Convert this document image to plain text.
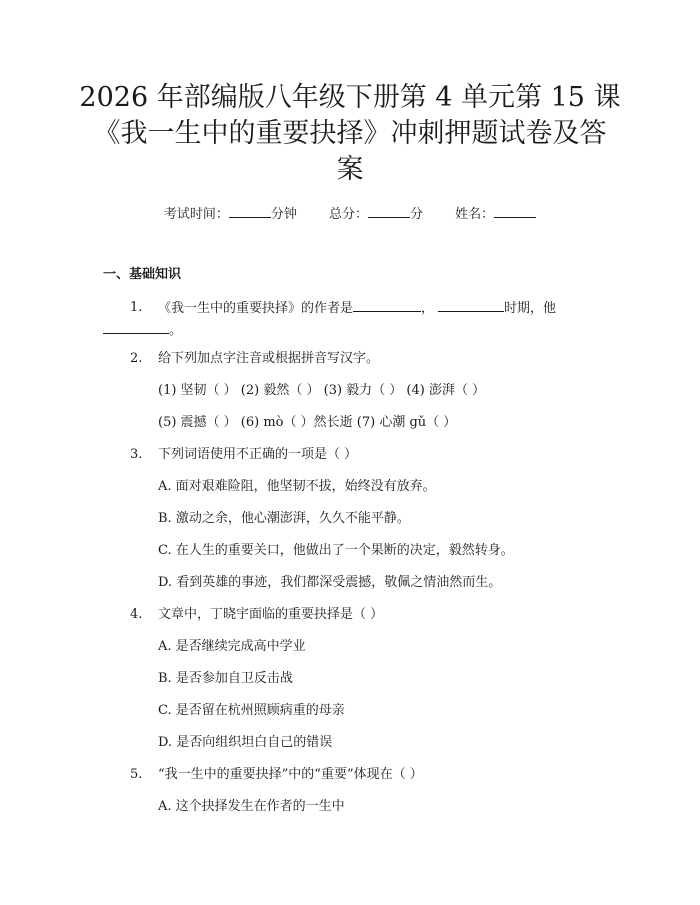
2026 年部编版八年级下册第 4 单元第 15 课
《我一生中的重要抉择》冲刺押题试卷及答
案
考试时间：	分钟 总分：	分 姓名：
一、基础知识
1. 《我一生中的重要抉择》的作者是	，	时期，他
。
2. 给下列加点字注音或根据拼音写汉字。
(1) 坚韧（ ） (2) 毅然（ ） (3) 毅力（ ） (4) 澎湃（ ）
(5) 震撼（ ） (6) mò（ ）然长逝 (7) 心潮 gǔ（ ）
3. 下列词语使用不正确的一项是（ ）
A. 面对艰难险阻，他坚韧不拔，始终没有放弃。
B. 激动之余，他心潮澎湃，久久不能平静。
C. 在人生的重要关口，他做出了一个果断的决定，毅然转身。
D. 看到英雄的事迹，我们都深受震撼，敬佩之情油然而生。
4. 文章中，丁晓宇面临的重要抉择是（ ）
A. 是否继续完成高中学业
B. 是否参加自卫反击战
C. 是否留在杭州照顾病重的母亲
D. 是否向组织坦白自己的错误
5. “我一生中的重要抉择”中的“重要”体现在（ ）
A. 这个抉择发生在作者的一生中
